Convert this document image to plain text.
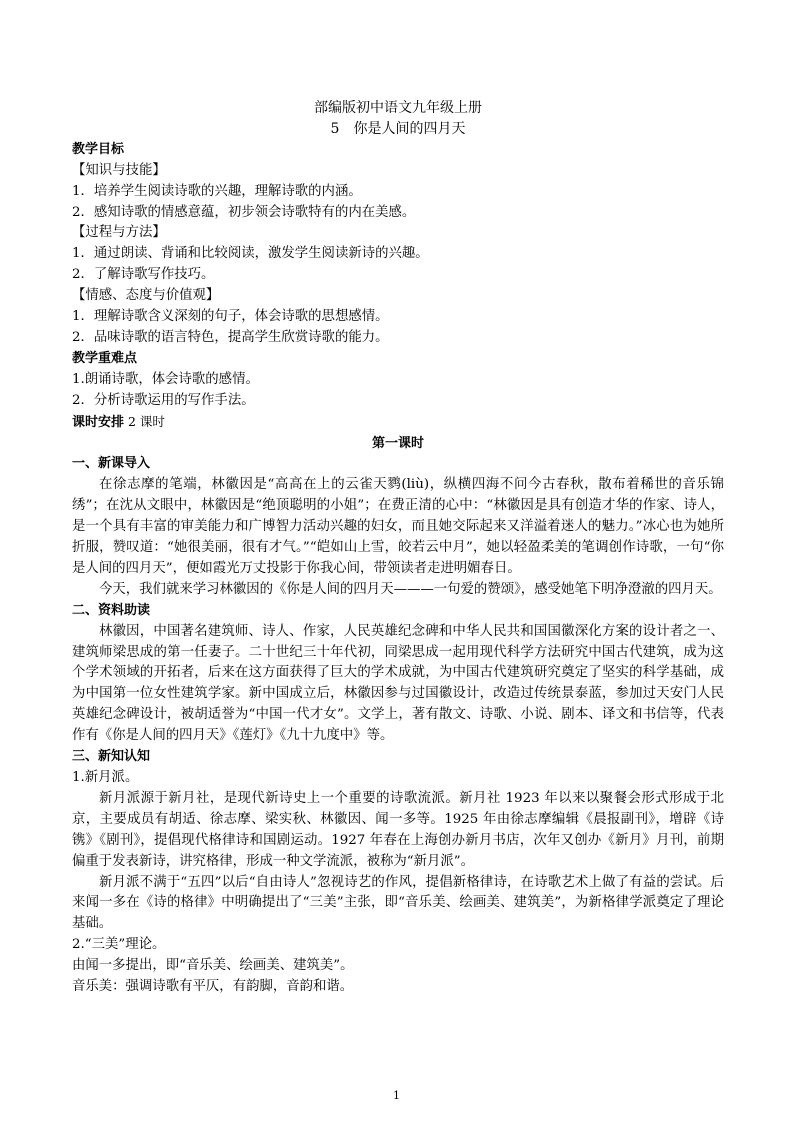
部编版初中语文九年级上册
5　你是人间的四月天
教学目标
【知识与技能】
1．培养学生阅读诗歌的兴趣，理解诗歌的内涵。
2．感知诗歌的情感意蕴，初步领会诗歌特有的内在美感。
【过程与方法】
1．通过朗读、背诵和比较阅读，激发学生阅读新诗的兴趣。
2．了解诗歌写作技巧。
【情感、态度与价值观】
1．理解诗歌含义深刻的句子，体会诗歌的思想感情。
2．品味诗歌的语言特色，提高学生欣赏诗歌的能力。
教学重难点
1.朗诵诗歌，体会诗歌的感情。
2．分析诗歌运用的写作手法。
课时安排 2 课时
第一课时
一、新课导入
在徐志摩的笔端，林徽因是“高高在上的云雀天鹨(liù)，纵横四海不问今古春秋，散布着稀世的音乐锦绣”；在沈从文眼中，林徽因是“绝顶聪明的小姐”；在费正清的心中：“林徽因是具有创造才华的作家、诗人，是一个具有丰富的审美能力和广博智力活动兴趣的妇女，而且她交际起来又洋溢着迷人的魅力。”冰心也为她所折服，赞叹道：“她很美丽，很有才气。”“皑如山上雪，皎若云中月”，她以轻盈柔美的笔调创作诗歌，一句“你是人间的四月天”，便如霞光万丈投影于你我心间，带领读者走进明媚春日。
今天，我们就来学习林徽因的《你是人间的四月天———一句爱的赞颂》，感受她笔下明净澄澈的四月天。
二、资料助读
林徽因，中国著名建筑师、诗人、作家，人民英雄纪念碑和中华人民共和国国徽深化方案的设计者之一、建筑师梁思成的第一任妻子。二十世纪三十年代初，同梁思成一起用现代科学方法研究中国古代建筑，成为这个学术领域的开拓者，后来在这方面获得了巨大的学术成就，为中国古代建筑研究奠定了坚实的科学基础，成为中国第一位女性建筑学家。新中国成立后，林徽因参与过国徽设计，改造过传统景泰蓝，参加过天安门人民英雄纪念碑设计，被胡适誉为“中国一代才女”。文学上，著有散文、诗歌、小说、剧本、译文和书信等，代表作有《你是人间的四月天》《莲灯》《九十九度中》等。
三、新知认知
1.新月派。
新月派源于新月社，是现代新诗史上一个重要的诗歌流派。新月社 1923 年以来以聚餐会形式形成于北京，主要成员有胡适、徐志摩、梁实秋、林徽因、闻一多等。1925 年由徐志摩编辑《晨报副刊》，增辟《诗镌》《剧刊》，提倡现代格律诗和国剧运动。1927 年春在上海创办新月书店，次年又创办《新月》月刊，前期偏重于发表新诗，讲究格律，形成一种文学流派，被称为“新月派”。
新月派不满于“五四”以后“自由诗人”忽视诗艺的作风，提倡新格律诗，在诗歌艺术上做了有益的尝试。后来闻一多在《诗的格律》中明确提出了“三美”主张，即“音乐美、绘画美、建筑美”，为新格律学派奠定了理论基础。
2.“三美”理论。
由闻一多提出，即“音乐美、绘画美、建筑美”。
音乐美：强调诗歌有平仄，有韵脚，音韵和谐。
1
